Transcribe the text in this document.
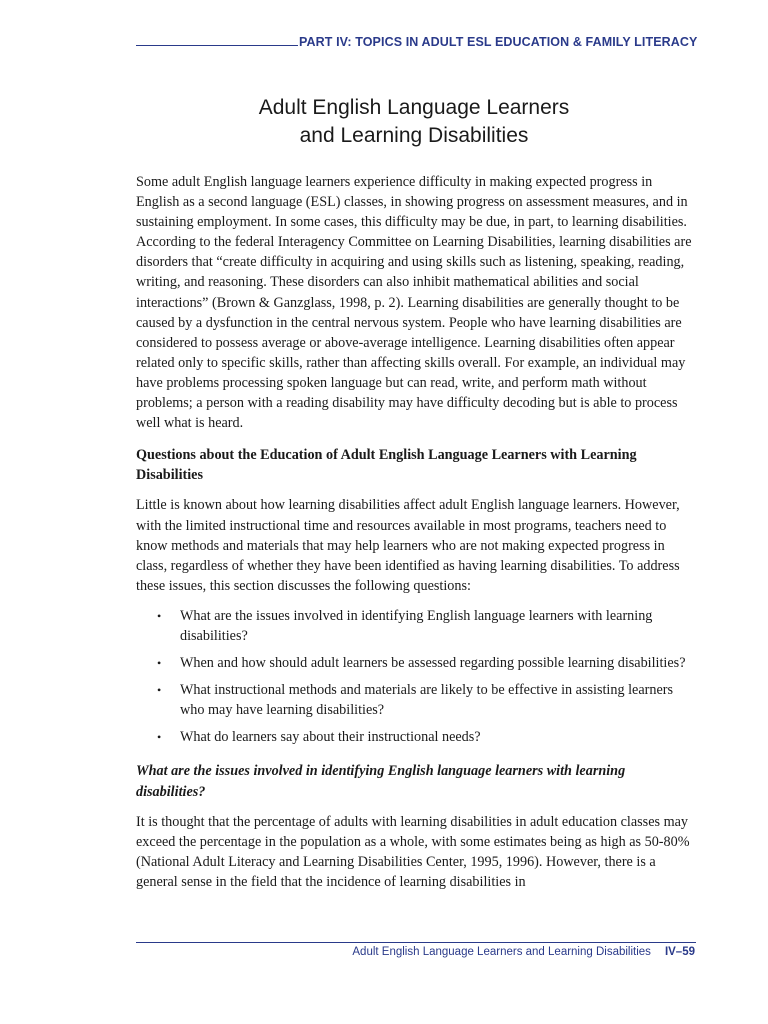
PART IV: TOPICS IN ADULT ESL EDUCATION & FAMILY LITERACY
Adult English Language Learners
and Learning Disabilities

Some adult English language learners experience difficulty in making expected progress in English as a second language (ESL) classes, in showing progress on assessment measures, and in sustaining employment. In some cases, this difficulty may be due, in part, to learning disabilities. According to the federal Interagency Committee on Learning Disabilities, learning disabilities are disorders that “create difficulty in acquiring and using skills such as listening, speaking, reading, writing, and reasoning. These disorders can also inhibit mathematical abilities and social interactions” (Brown & Ganzglass, 1998, p. 2). Learning disabilities are generally thought to be caused by a dysfunction in the central nervous system. People who have learning disabilities are considered to possess average or above-average intelligence. Learning disabilities often appear related only to specific skills, rather than affecting skills overall. For example, an individual may have problems processing spoken language but can read, write, and perform math without problems; a person with a reading disability may have difficulty decoding but is able to process well what is heard.

Questions about the Education of Adult English Language Learners with Learning Disabilities

Little is known about how learning disabilities affect adult English language learners. However, with the limited instructional time and resources available in most programs, teachers need to know methods and materials that may help learners who are not making expected progress in class, regardless of whether they have been identified as having learning disabilities. To address these issues, this section discusses the following questions:

• What are the issues involved in identifying English language learners with learning disabilities?
• When and how should adult learners be assessed regarding possible learning disabilities?
• What instructional methods and materials are likely to be effective in assisting learners who may have learning disabilities?
• What do learners say about their instructional needs?

What are the issues involved in identifying English language learners with learning disabilities?

It is thought that the percentage of adults with learning disabilities in adult education classes may exceed the percentage in the population as a whole, with some estimates being as high as 50-80% (National Adult Literacy and Learning Disabilities Center, 1995, 1996). However, there is a general sense in the field that the incidence of learning disabilities in

Adult English Language Learners and Learning Disabilities IV–59
